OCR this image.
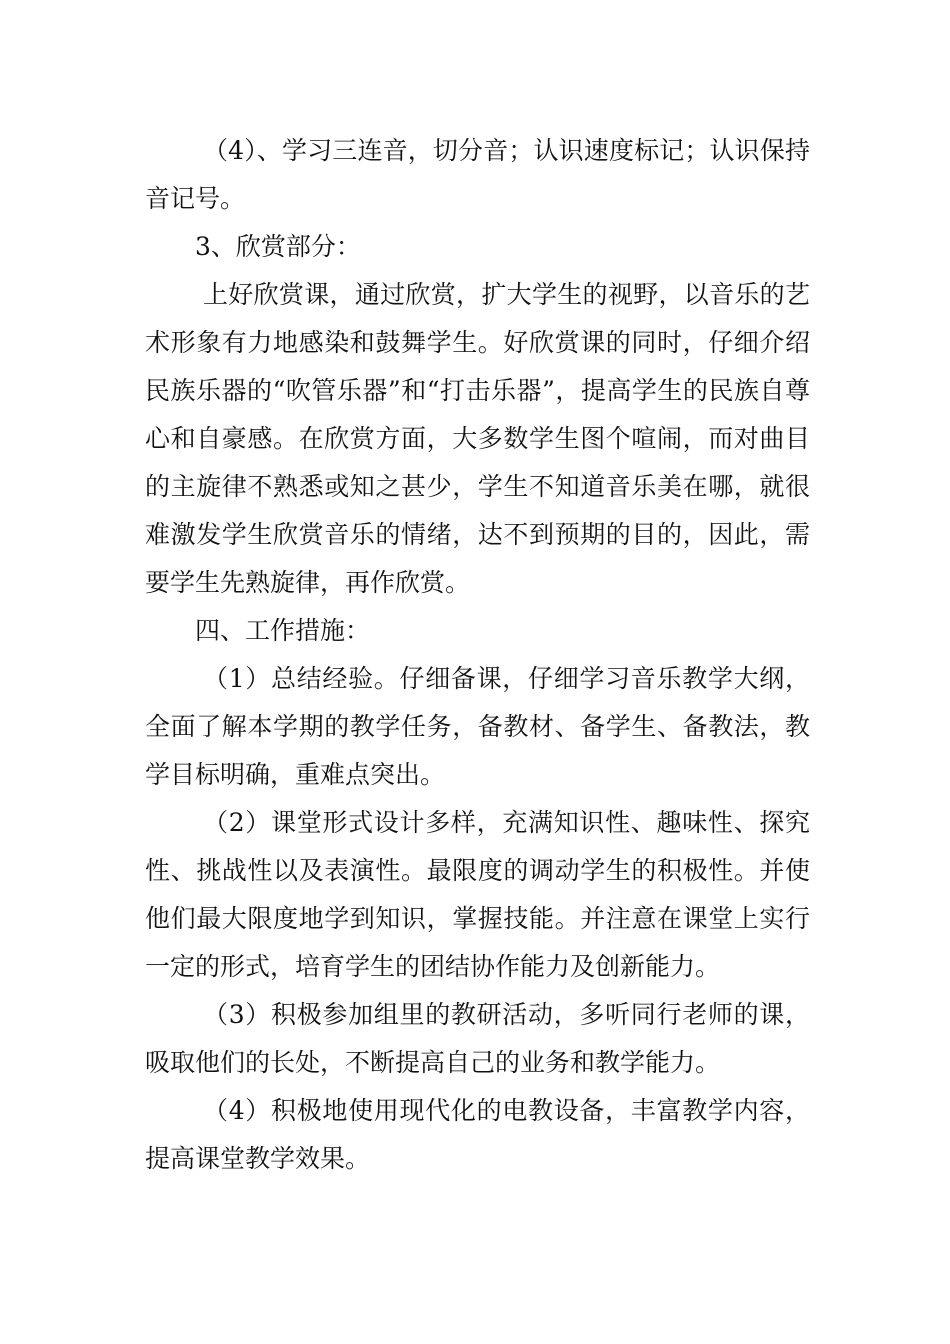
（4）、学习三连音，切分音；认识速度标记；认识保持音记号。

3、欣赏部分：

上好欣赏课，通过欣赏，扩大学生的视野，以音乐的艺术形象有力地感染和鼓舞学生。好欣赏课的同时，仔细介绍民族乐器的“吹管乐器”和“打击乐器”，提高学生的民族自尊心和自豪感。在欣赏方面，大多数学生图个喧闹，而对曲目的主旋律不熟悉或知之甚少，学生不知道音乐美在哪，就很难激发学生欣赏音乐的情绪，达不到预期的目的，因此，需要学生先熟旋律，再作欣赏。

四、工作措施：

（1）总结经验。仔细备课，仔细学习音乐教学大纲，全面了解本学期的教学任务，备教材、备学生、备教法，教学目标明确，重难点突出。

（2）课堂形式设计多样，充满知识性、趣味性、探究性、挑战性以及表演性。最限度的调动学生的积极性。并使他们最大限度地学到知识，掌握技能。并注意在课堂上实行一定的形式，培育学生的团结协作能力及创新能力。

（3）积极参加组里的教研活动，多听同行老师的课，吸取他们的长处，不断提高自己的业务和教学能力。

（4）积极地使用现代化的电教设备，丰富教学内容，提高课堂教学效果。
